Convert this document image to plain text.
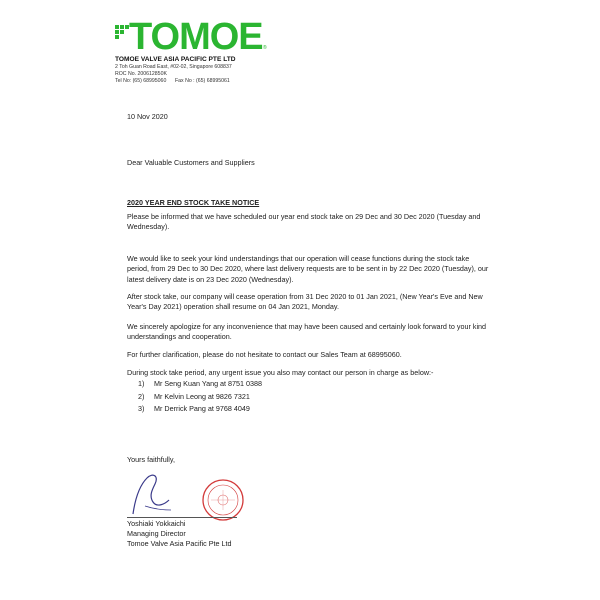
TOMOE ®
TOMOE VALVE ASIA PACIFIC PTE LTD
2 Toh Guan Road East, #02-02, Singapore 608837
ROC No. 200612850K
Tel No: (65) 68995060      Fax No : (65) 68995061
10 Nov 2020
Dear Valuable Customers and Suppliers
2020 YEAR END STOCK TAKE NOTICE
Please be informed that we have scheduled our year end stock take on 29 Dec and 30 Dec 2020 (Tuesday and Wednesday).
We would like to seek your kind understandings that our operation will cease functions during the stock take period, from 29 Dec to 30 Dec 2020, where last delivery requests are to be sent in by 22 Dec 2020 (Tuesday), our latest delivery date is on 23 Dec 2020 (Wednesday).
After stock take, our company will cease operation from 31 Dec 2020 to 01 Jan 2021, (New Year's Eve and New Year's Day 2021) operation shall resume on 04 Jan 2021, Monday.
We sincerely apologize for any inconvenience that may have been caused and certainly look forward to your kind understandings and cooperation.
For further clarification, please do not hesitate to contact our Sales Team at 68995060.
During stock take period, any urgent issue you also may contact our person in charge as below:-
1) Mr Seng Kuan Yang at 8751 0388
2) Mr Kelvin Leong at 9826 7321
3) Mr Derrick Pang at 9768 4049
Yours faithfully,
Yoshiaki Yokkaichi
Managing Director
Tomoe Valve Asia Pacific Pte Ltd
